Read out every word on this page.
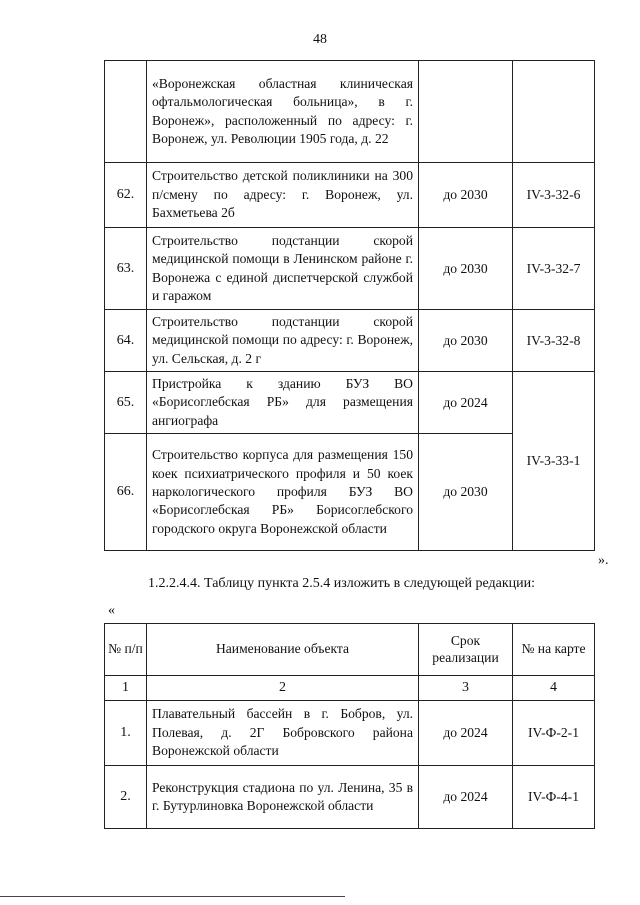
48
	«Воронежская областная клиническая офтальмологическая больница», в г. Воронеж», расположенный по адресу: г. Воронеж, ул. Революции 1905 года, д. 22		
62.	Строительство детской поликлиники на 300 п/смену по адресу: г. Воронеж, ул. Бахметьева 2б	до 2030	IV-3-32-6
63.	Строительство подстанции скорой медицинской помощи в Ленинском районе г. Воронежа с единой диспетчерской службой и гаражом	до 2030	IV-3-32-7
64.	Строительство подстанции скорой медицинской помощи по адресу: г. Воронеж, ул. Сельская, д. 2 г	до 2030	IV-3-32-8
65.	Пристройка к зданию БУЗ ВО «Борисоглебская РБ» для размещения ангиографа	до 2024	IV-3-33-1
66.	Строительство корпуса для размещения 150 коек психиатрического профиля и 50 коек наркологического профиля БУЗ ВО «Борисоглебская РБ» Борисоглебского городского округа Воронежской области	до 2030	
».
1.2.2.4.4. Таблицу пункта 2.5.4 изложить в следующей редакции:
«
№ п/п	Наименование объекта	Срок реализации	№ на карте
1	2	3	4
1.	Плавательный бассейн в г. Бобров, ул. Полевая, д. 2Г Бобровского района Воронежской области	до 2024	IV-Ф-2-1
2.	Реконструкция стадиона по ул. Ленина, 35 в г. Бутурлиновка Воронежской области	до 2024	IV-Ф-4-1
